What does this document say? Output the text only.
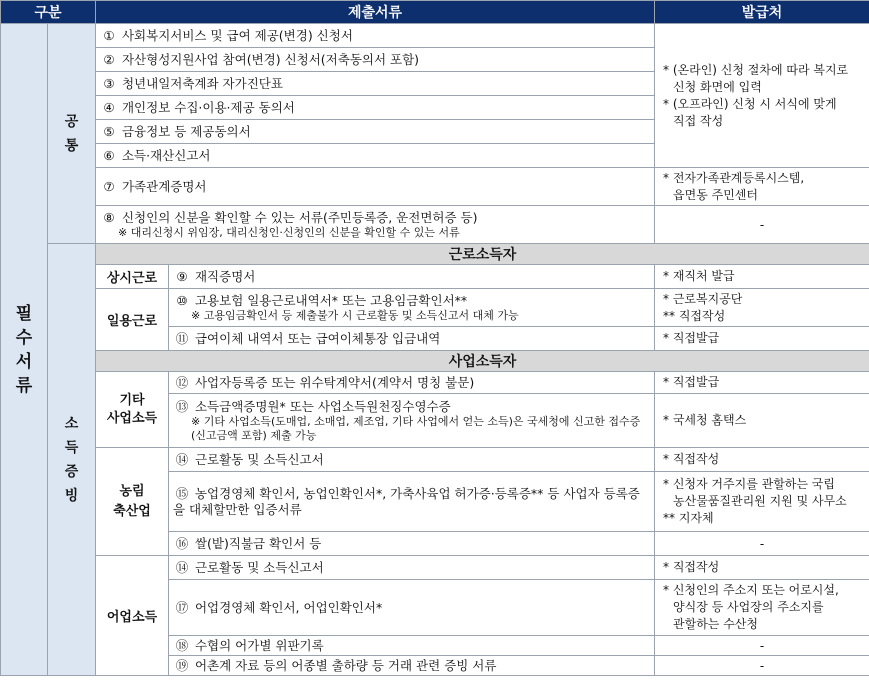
구분		제출서류		발급처

필
수
서
류	공
통	① 사회복지서비스 및 급여 제공(변경) 신청서		* (온라인) 신청 절차에 따라 복지로
신청 화면에 입력
* (오프라인) 신청 시 서식에 맞게
직접 작성

		② 자산형성지원사업 참여(변경) 신청서(저축동의서 포함)		
		③ 청년내일저축계좌 자가진단표		
		④ 개인정보 수집·이용·제공 동의서		
		⑤ 금융정보 등 제공동의서		
		⑥ 소득·재산신고서		
		⑦ 가족관계증명서		* 전자가족관계등록시스템,
읍면동 주민센터

		⑧ 신청인의 신분을 확인할 수 있는 서류(주민등록증, 운전면허증 등)
※ 대리신청시 위임장, 대리신청인·신청인의 신분을 확인할 수 있는 서류		-

	소
득
증
빙	근로소득자		
		상시근로	⑨ 재직증명서	* 재직처 발급
		일용근로	⑩ 고용보험 일용근로내역서* 또는 고용임금확인서**
※ 고용임금확인서 등 제출불가 시 근로활동 및 소득신고서 대체 가능	* 근로복지공단
** 직접작성

			⑪ 급여이체 내역서 또는 급여이체통장 입금내역	* 직접발급
		사업소득자		

		기타
사업소득	⑫ 사업자등록증 또는 위수탁계약서(계약서 명칭 불문)	* 직접발급
			⑬ 소득금액증명원* 또는 사업소득원천징수영수증
※ 기타 사업소득(도매업, 소매업, 제조업, 기타 사업에서 얻는 소득)은 국세청에 신고한 접수증(신고금액 포함) 제출 가능	* 국세청 홈택스

		농림
축산업	⑭ 근로활동 및 소득신고서	* 직접작성
			⑮ 농업경영체 확인서, 농업인확인서*, 가축사육업 허가증·등록증** 등 사업자 등록증을 대체할만한 입증서류	* 신청자 거주지를 관할하는 국립
농산물품질관리원 지원 및 사무소
** 지자체

			⑯ 쌀(밭)직불금 확인서 등	-
		어업소득	⑭ 근로활동 및 소득신고서	* 직접작성
			⑰ 어업경영체 확인서, 어업인확인서*	* 신청인의 주소지 또는 어로시설,
양식장 등 사업장의 주소지를
관할하는 수산청

			⑱ 수협의 어가별 위판기록	-
			⑲ 어촌계 자료 등의 어종별 출하량 등 거래 관련 증빙 서류	-
